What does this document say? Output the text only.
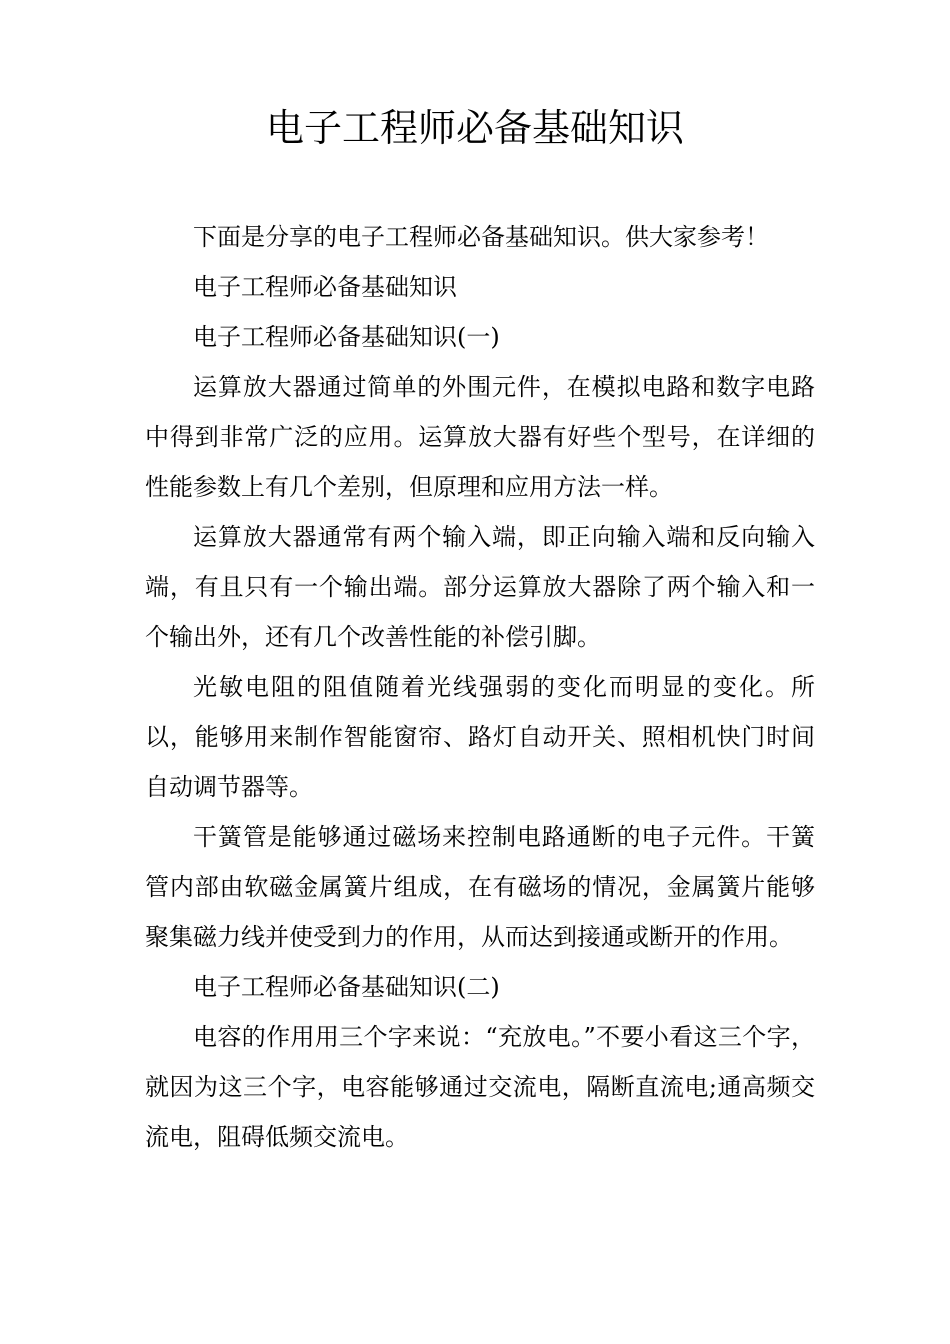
电子工程师必备基础知识

下面是分享的电子工程师必备基础知识。供大家参考！

电子工程师必备基础知识

电子工程师必备基础知识(一)

运算放大器通过简单的外围元件，在模拟电路和数字电路中得到非常广泛的应用。运算放大器有好些个型号，在详细的性能参数上有几个差别，但原理和应用方法一样。

运算放大器通常有两个输入端，即正向输入端和反向输入端，有且只有一个输出端。部分运算放大器除了两个输入和一个输出外，还有几个改善性能的补偿引脚。

光敏电阻的阻值随着光线强弱的变化而明显的变化。所以，能够用来制作智能窗帘、路灯自动开关、照相机快门时间自动调节器等。

干簧管是能够通过磁场来控制电路通断的电子元件。干簧管内部由软磁金属簧片组成，在有磁场的情况，金属簧片能够聚集磁力线并使受到力的作用，从而达到接通或断开的作用。

电子工程师必备基础知识(二)

电容的作用用三个字来说：“充放电。”不要小看这三个字，就因为这三个字，电容能够通过交流电，隔断直流电;通高频交流电，阻碍低频交流电。
